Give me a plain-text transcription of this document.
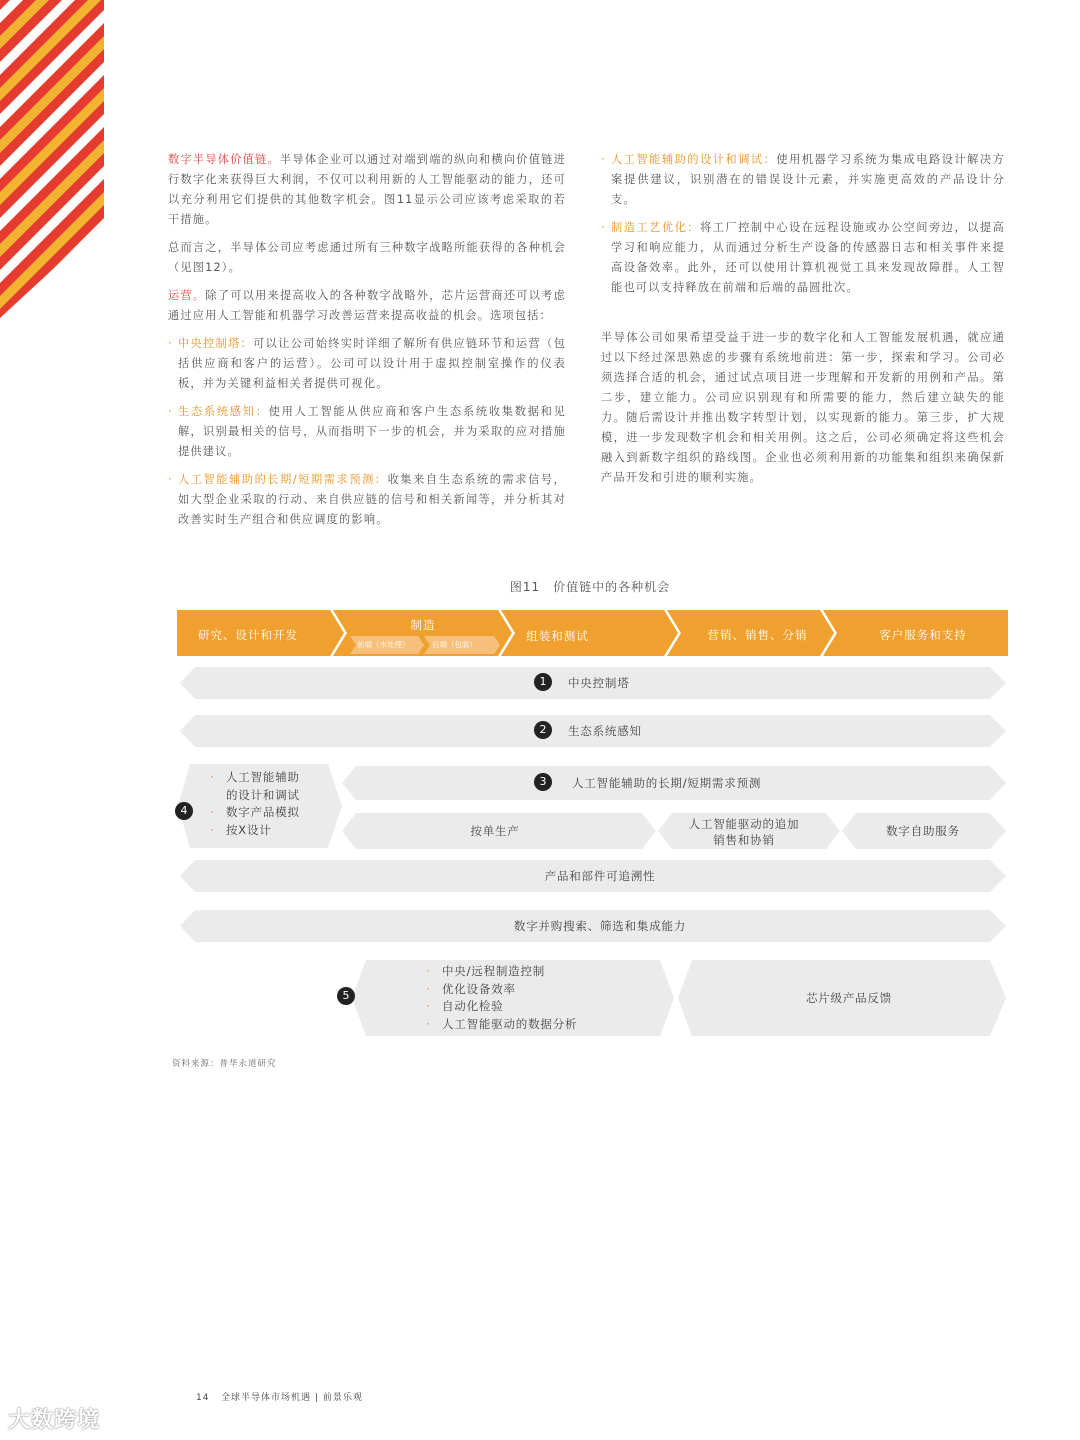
数字半导体价值链。半导体企业可以通过对端到端的纵向和横向价值链进行数字化来获得巨大利润，不仅可以利用新的人工智能驱动的能力，还可以充分利用它们提供的其他数字机会。图11显示公司应该考虑采取的若干措施。

总而言之，半导体公司应考虑通过所有三种数字战略所能获得的各种机会（见图12）。

运营。除了可以用来提高收入的各种数字战略外，芯片运营商还可以考虑通过应用人工智能和机器学习改善运营来提高收益的机会。选项包括：

· 中央控制塔：可以让公司始终实时详细了解所有供应链环节和运营（包括供应商和客户的运营）。公司可以设计用于虚拟控制室操作的仪表板，并为关键利益相关者提供可视化。
· 生态系统感知：使用人工智能从供应商和客户生态系统收集数据和见解，识别最相关的信号，从而指明下一步的机会，并为采取的应对措施提供建议。
· 人工智能辅助的长期/短期需求预测：收集来自生态系统的需求信号，如大型企业采取的行动、来自供应链的信号和相关新闻等，并分析其对改善实时生产组合和供应调度的影响。
· 人工智能辅助的设计和调试：使用机器学习系统为集成电路设计解决方案提供建议，识别潜在的错误设计元素，并实施更高效的产品设计分支。
· 制造工艺优化：将工厂控制中心设在远程设施或办公空间旁边，以提高学习和响应能力，从而通过分析生产设备的传感器日志和相关事件来提高设备效率。此外，还可以使用计算机视觉工具来发现故障群。人工智能也可以支持释放在前端和后端的晶圆批次。

半导体公司如果希望受益于进一步的数字化和人工智能发展机遇，就应通过以下经过深思熟虑的步骤有系统地前进：第一步，探索和学习。公司必须选择合适的机会，通过试点项目进一步理解和开发新的用例和产品。第二步，建立能力。公司应识别现有和所需要的能力，然后建立缺失的能力。随后需设计并推出数字转型计划，以实现新的能力。第三步，扩大规模，进一步发现数字机会和相关用例。这之后，公司必须确定将这些机会融入到新数字组织的路线图。企业也必须利用新的功能集和组织来确保新产品开发和引进的顺利实施。

图11　价值链中的各种机会
研究、设计和开发
制造
前端（水处理）	后端（包装）
组装和测试	营销、销售、分销	客户服务和支持
1	中央控制塔
2	生态系统感知
3	人工智能辅助的长期/短期需求预测
4
· 人工智能辅助
的设计和调试
· 数字产品模拟
· 按X设计	按单生产	人工智能驱动的追加
销售和协销
数字自助服务
产品和部件可追溯性
数字并购搜索、筛选和集成能力
5
· 中央/远程制造控制
· 优化设备效率
· 自动化检验
· 人工智能驱动的数据分析
芯片级产品反馈
资料来源：普华永道研究
14 全球半导体市场机遇 | 前景乐观
大数跨境
